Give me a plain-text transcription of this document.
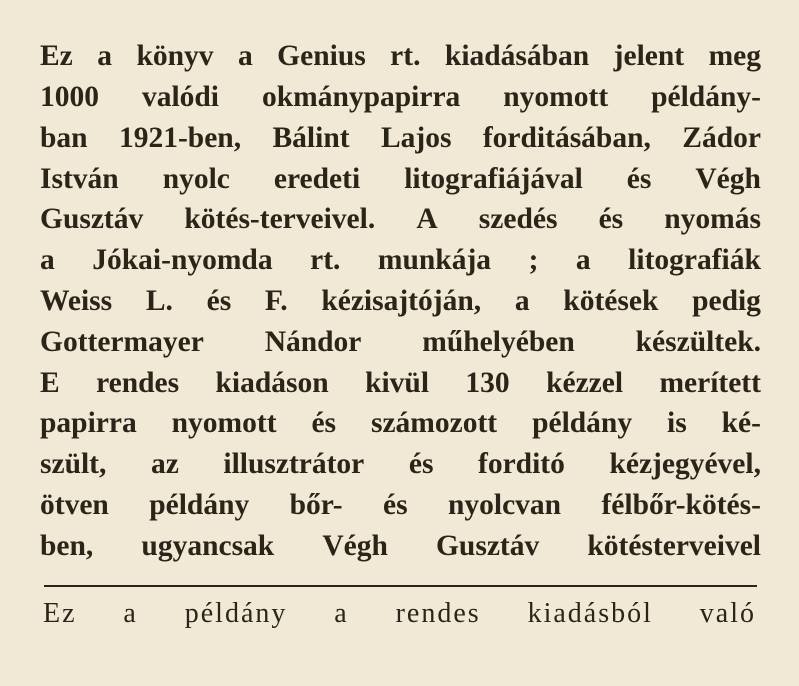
Ez a könyv a Genius rt. kiadásában jelent meg
1000 valódi okmánypapirra nyomott példány-
ban 1921-ben, Bálint Lajos forditásában, Zádor
István nyolc eredeti litografiájával és Végh
Gusztáv kötés-terveivel. A szedés és nyomás
a Jókai-nyomda rt. munkája ; a litografiák
Weiss L. és F. kézisajtóján, a kötések pedig
Gottermayer Nándor műhelyében készültek.
E rendes kiadáson kivül 130 kézzel merített
papirra nyomott és számozott példány is ké-
szült, az illusztrátor és forditó kézjegyével,
ötven példány bőr- és nyolcvan félbőr-kötés-
ben, ugyancsak Végh Gusztáv kötésterveivel
Ez a példány a rendes kiadásból való
